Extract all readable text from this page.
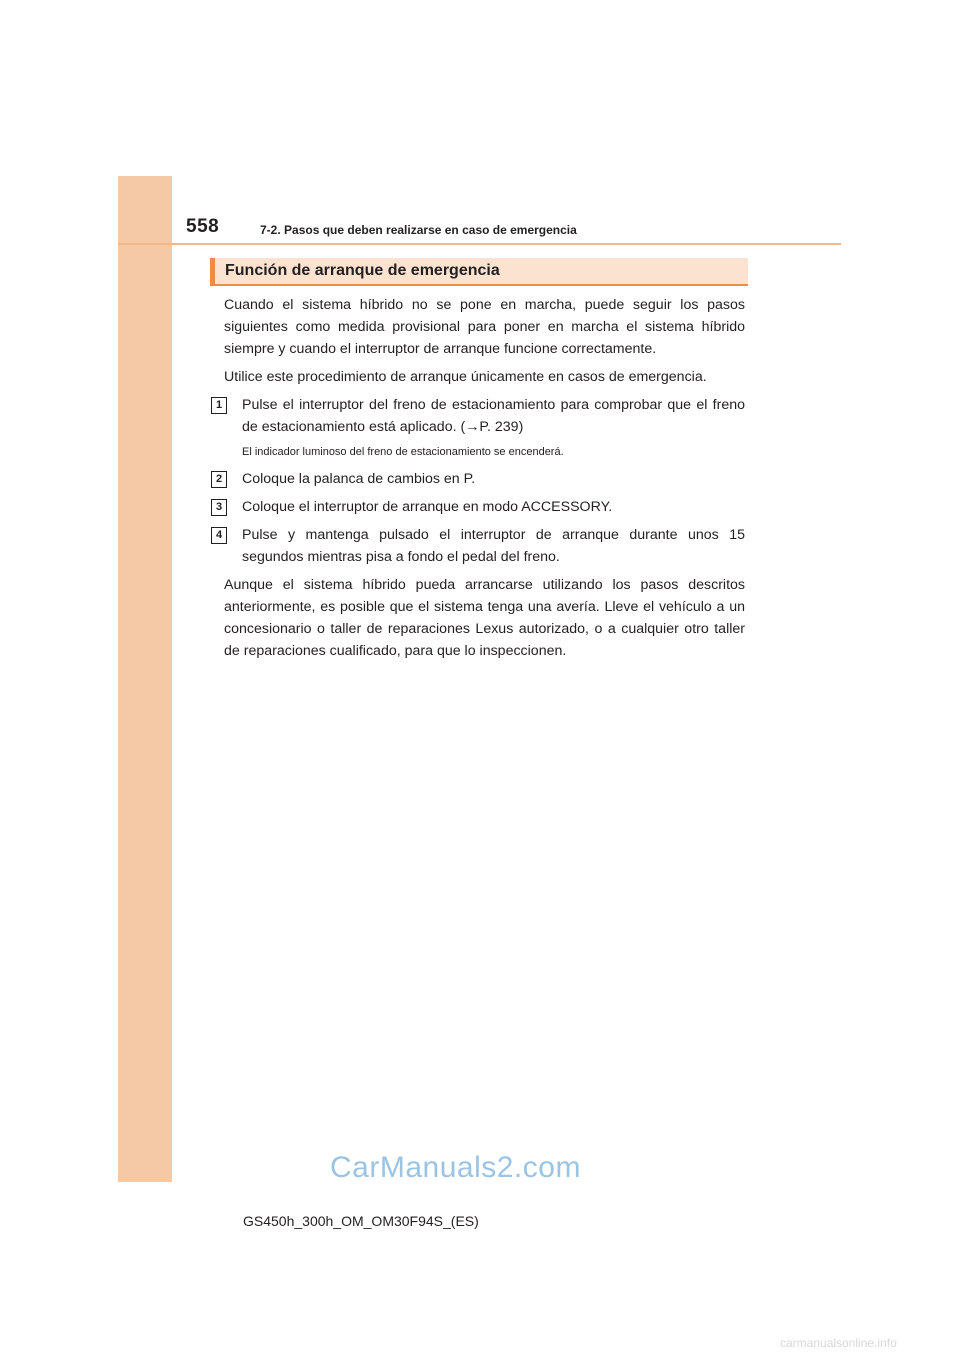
558	7-2. Pasos que deben realizarse en caso de emergencia
Función de arranque de emergencia

Cuando el sistema híbrido no se pone en marcha, puede seguir los pasos siguientes como medida provisional para poner en marcha el sistema híbrido siempre y cuando el interruptor de arranque funcione correctamente.

Utilice este procedimiento de arranque únicamente en casos de emergencia.

1	Pulse el interruptor del freno de estacionamiento para comprobar que el freno de estacionamiento está aplicado. (→P. 239)
El indicador luminoso del freno de estacionamiento se encenderá.
2	Coloque la palanca de cambios en P.
3	Coloque el interruptor de arranque en modo ACCESSORY.
4	Pulse y mantenga pulsado el interruptor de arranque durante unos 15 segundos mientras pisa a fondo el pedal del freno.

Aunque el sistema híbrido pueda arrancarse utilizando los pasos descritos anteriormente, es posible que el sistema tenga una avería. Lleve el vehículo a un concesionario o taller de reparaciones Lexus autorizado, o a cualquier otro taller de reparaciones cualificado, para que lo inspeccionen.

CarManuals2.com
GS450h_300h_OM_OM30F94S_(ES)
carmanualsonline.info
